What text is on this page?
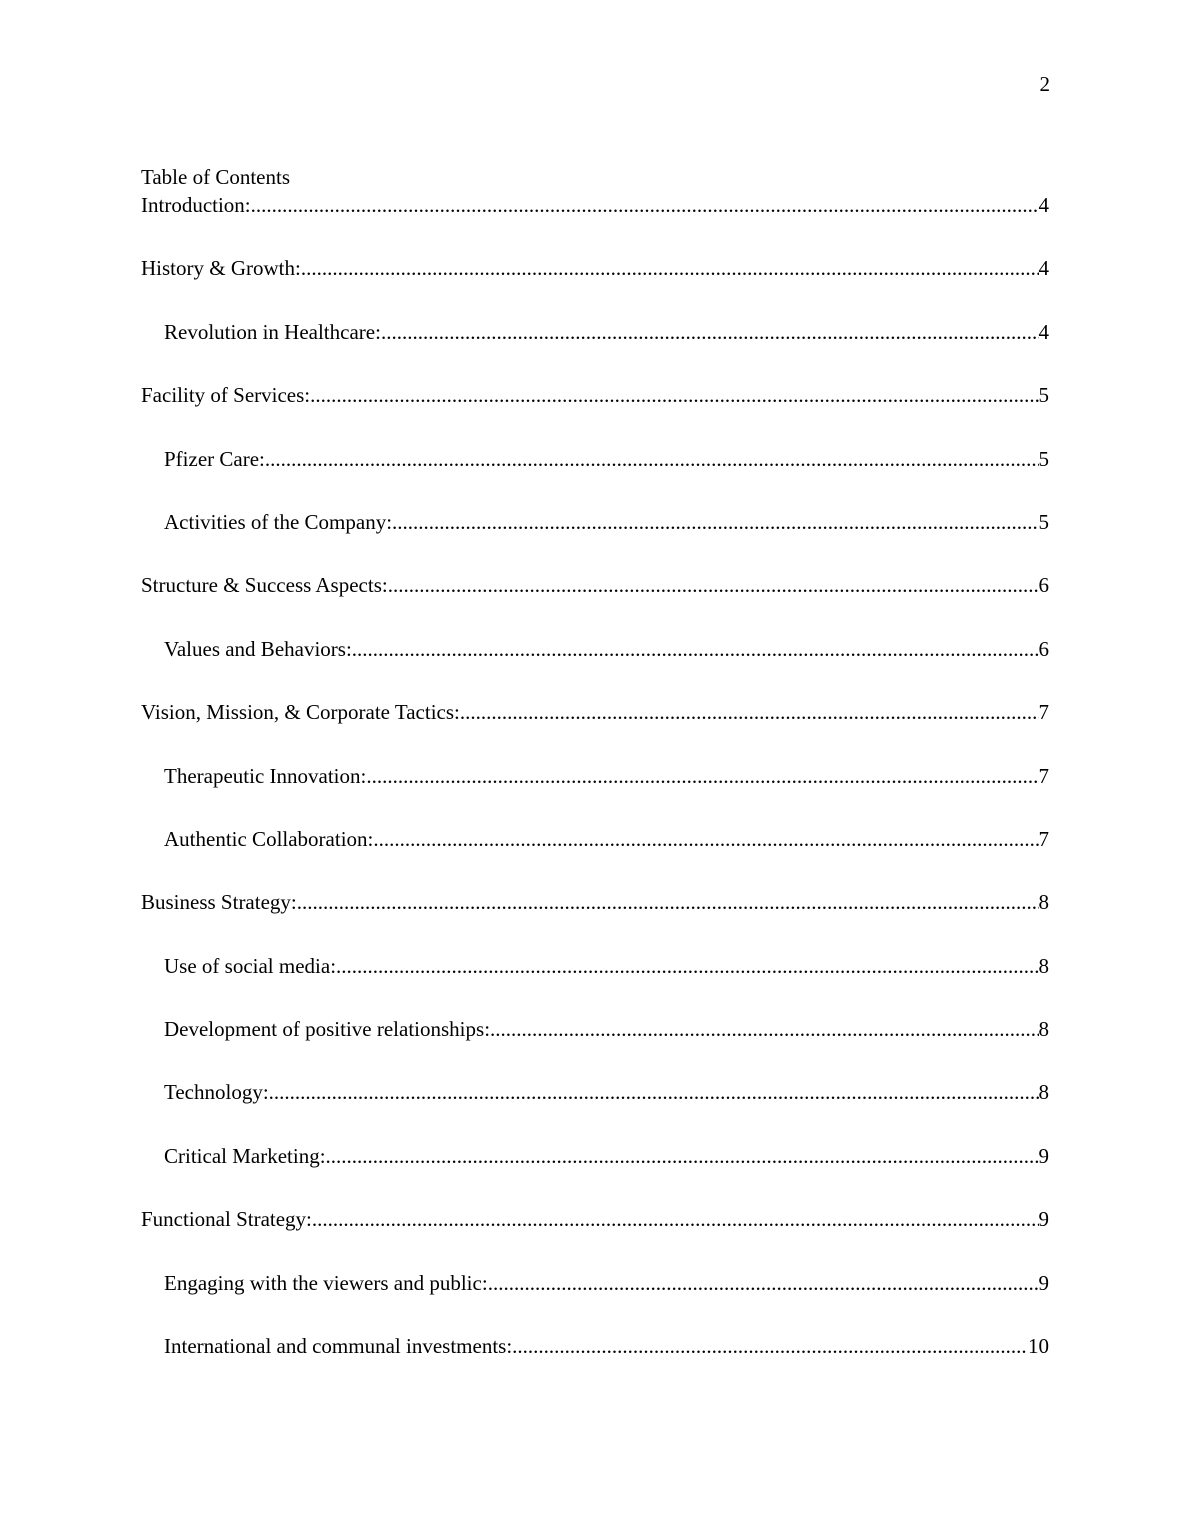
2
Table of Contents
Introduction: .....	4
History & Growth: .....	4
Revolution in Healthcare: .....	4
Facility of Services: .....	5
Pfizer Care: .....	5
Activities of the Company: .....	5
Structure & Success Aspects: .....	6
Values and Behaviors: .....	6
Vision, Mission, & Corporate Tactics: .....	7
Therapeutic Innovation: .....	7
Authentic Collaboration: .....	7
Business Strategy: .....	8
Use of social media: .....	8
Development of positive relationships: .....	8
Technology: .....	8
Critical Marketing: .....	9
Functional Strategy: .....	9
Engaging with the viewers and public: .....	9
International and communal investments: .....	10
